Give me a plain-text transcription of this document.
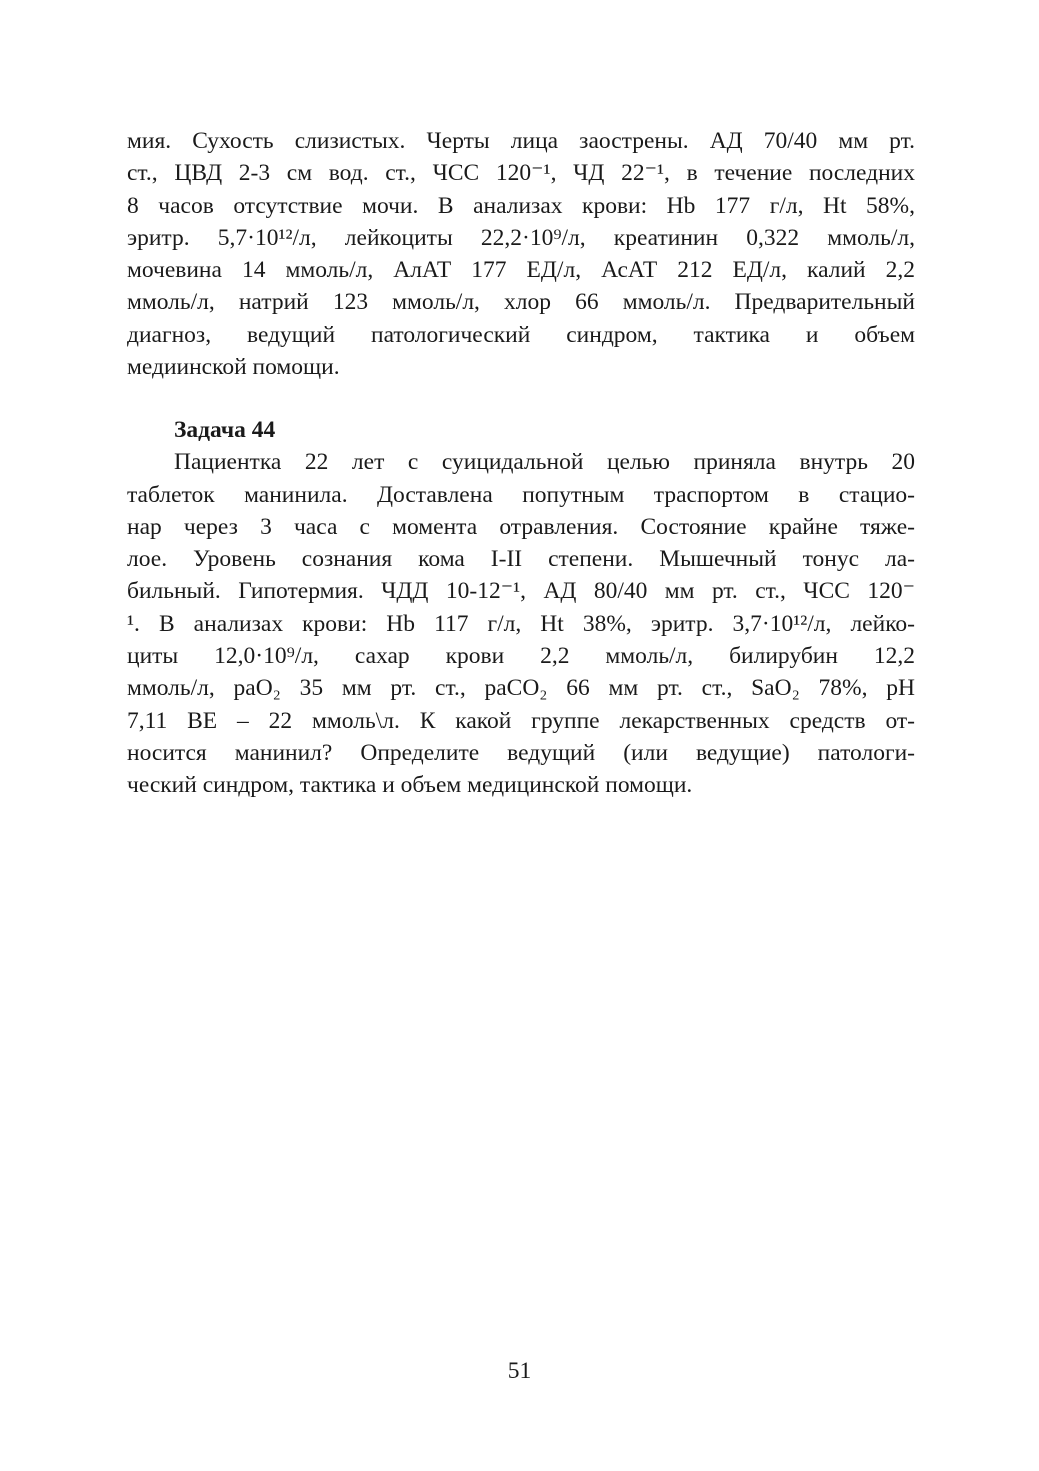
мия. Сухость слизистых. Черты лица заострены. АД 70/40 мм рт.
ст., ЦВД 2-3 см вод. ст., ЧСС 120⁻¹, ЧД 22⁻¹, в течение последних
8 часов отсутствие мочи. В анализах крови: Hb 177 г/л, Ht 58%,
эритр. 5,7·10¹²/л, лейкоциты 22,2·10⁹/л, креатинин 0,322 ммоль/л,
мочевина 14 ммоль/л, АлАТ 177 ЕД/л, АсАТ 212 ЕД/л, калий 2,2
ммоль/л, натрий 123 ммоль/л, хлор 66 ммоль/л. Предварительный
диагноз, ведущий патологический синдром, тактика и объем
медиинской помощи.
Задача 44
Пациентка 22 лет с суицидальной целью приняла внутрь 20
таблеток манинила. Доставлена попутным траспортом в стацио-
нар через 3 часа с момента отравления. Состояние крайне тяже-
лое. Уровень сознания кома I-II степени. Мышечный тонус ла-
бильный. Гипотермия. ЧДД 10-12⁻¹, АД 80/40 мм рт. ст., ЧСС 120⁻
¹. В анализах крови: Hb 117 г/л, Ht 38%, эритр. 3,7·10¹²/л, лейко-
циты 12,0·10⁹/л, сахар крови 2,2 ммоль/л, билирубин 12,2
ммоль/л, раО₂ 35 мм рт. ст., раСО₂ 66 мм рт. ст., SaO₂ 78%, pH
7,11 BE – 22 ммоль\л. К какой группе лекарственных средств от-
носится манинил? Определите ведущий (или ведущие) патологи-
ческий синдром, тактика и объем медицинской помощи.
51
